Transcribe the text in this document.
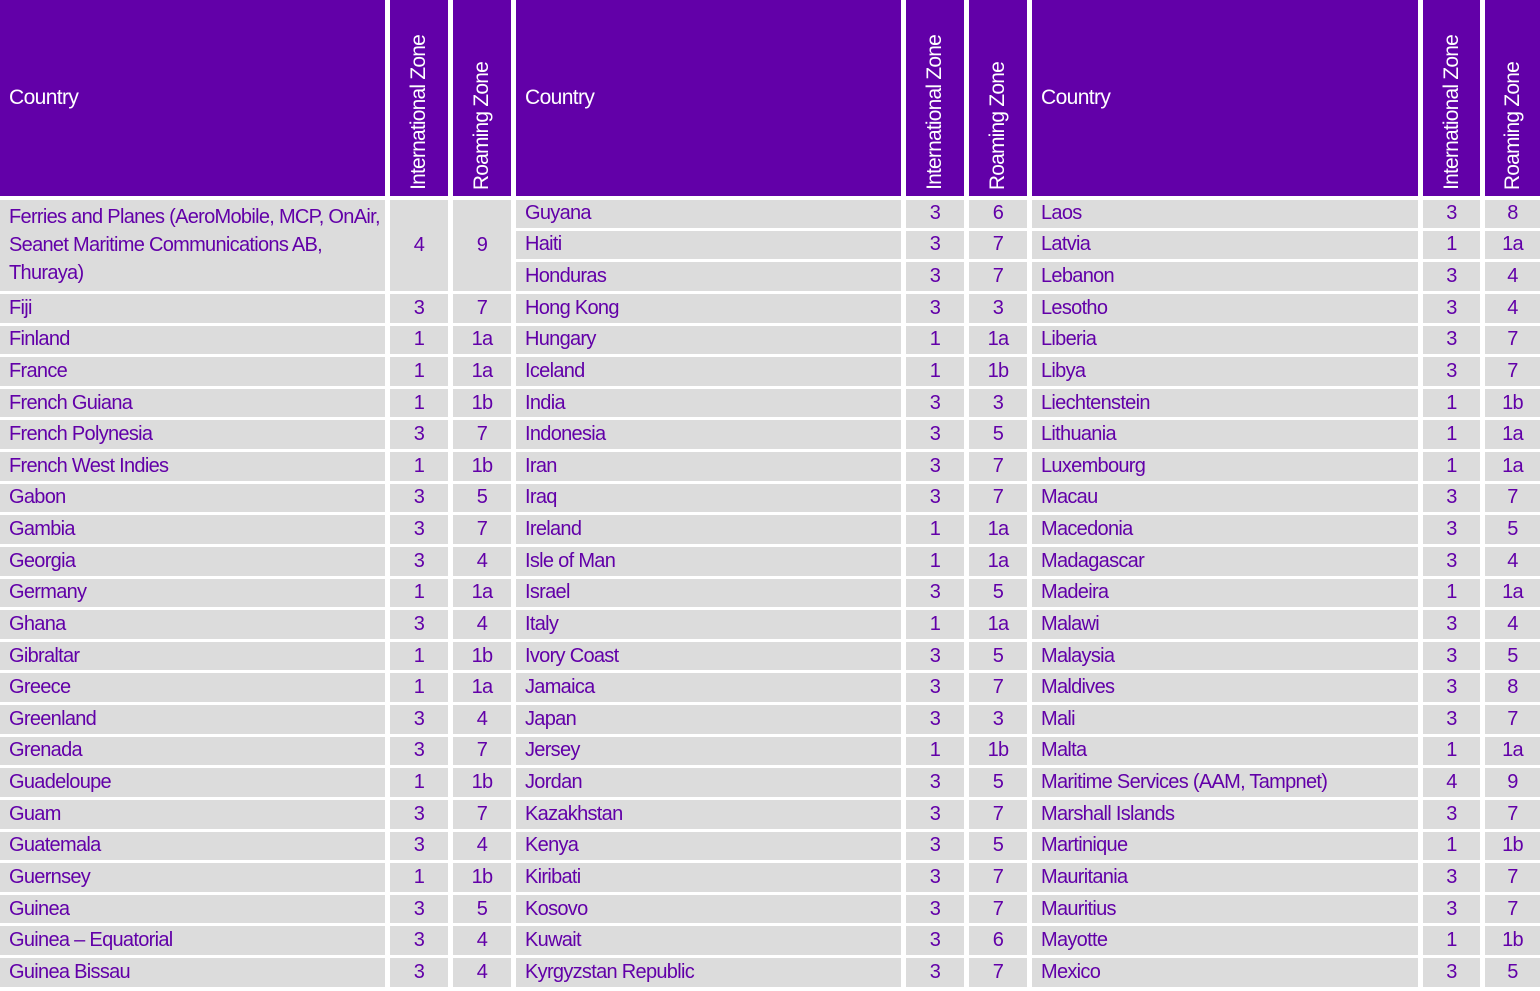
Country	International Zone Roaming Zone
Ferries and Planes (AeroMobile, MCP, OnAir, Seanet Maritime Communications AB, Thuraya)
4	9
Fiji	3	7
Finland	1	1a
France	1	1a
French Guiana	1	1b
French Polynesia	3	7
French West Indies	1	1b
Gabon	3	5
Gambia	3	7
Georgia	3	4
Germany	1	1a
Ghana	3	4
Gibraltar	1	1b
Greece	1	1a
Greenland	3	4
Grenada	3	7
Guadeloupe	1	1b
Guam	3	7
Guatemala	3	4
Guernsey	1	1b
Guinea	3	5
Guinea – Equatorial	3	4
Guinea Bissau	3	4
Country	International Zone Roaming Zone
Guyana	3	6
Haiti	3	7
Honduras	3	7
Hong Kong	3	3
Hungary	1	1a
Iceland	1	1b
India	3	3
Indonesia	3	5
Iran	3	7
Iraq	3	7
Ireland	1	1a
Isle of Man	1	1a
Israel	3	5
Italy	1	1a
Ivory Coast	3	5
Jamaica	3	7
Japan	3	3
Jersey	1	1b
Jordan	3	5
Kazakhstan	3	7
Kenya	3	5
Kiribati	3	7
Kosovo	3	7
Kuwait	3	6
Kyrgyzstan Republic	3	7
Country	International Zone Roaming Zone
Laos	3	8
Latvia	1	1a
Lebanon	3	4
Lesotho	3	4
Liberia	3	7
Libya	3	7
Liechtenstein	1	1b
Lithuania	1	1a
Luxembourg	1	1a
Macau	3	7
Macedonia	3	5
Madagascar	3	4
Madeira	1	1a
Malawi	3	4
Malaysia	3	5
Maldives	3	8
Mali	3	7
Malta	1	1a
Maritime Services (AAM, Tampnet)	4	9
Marshall Islands	3	7
Martinique	1	1b
Mauritania	3	7
Mauritius	3	7
Mayotte	1	1b
Mexico	3	5
